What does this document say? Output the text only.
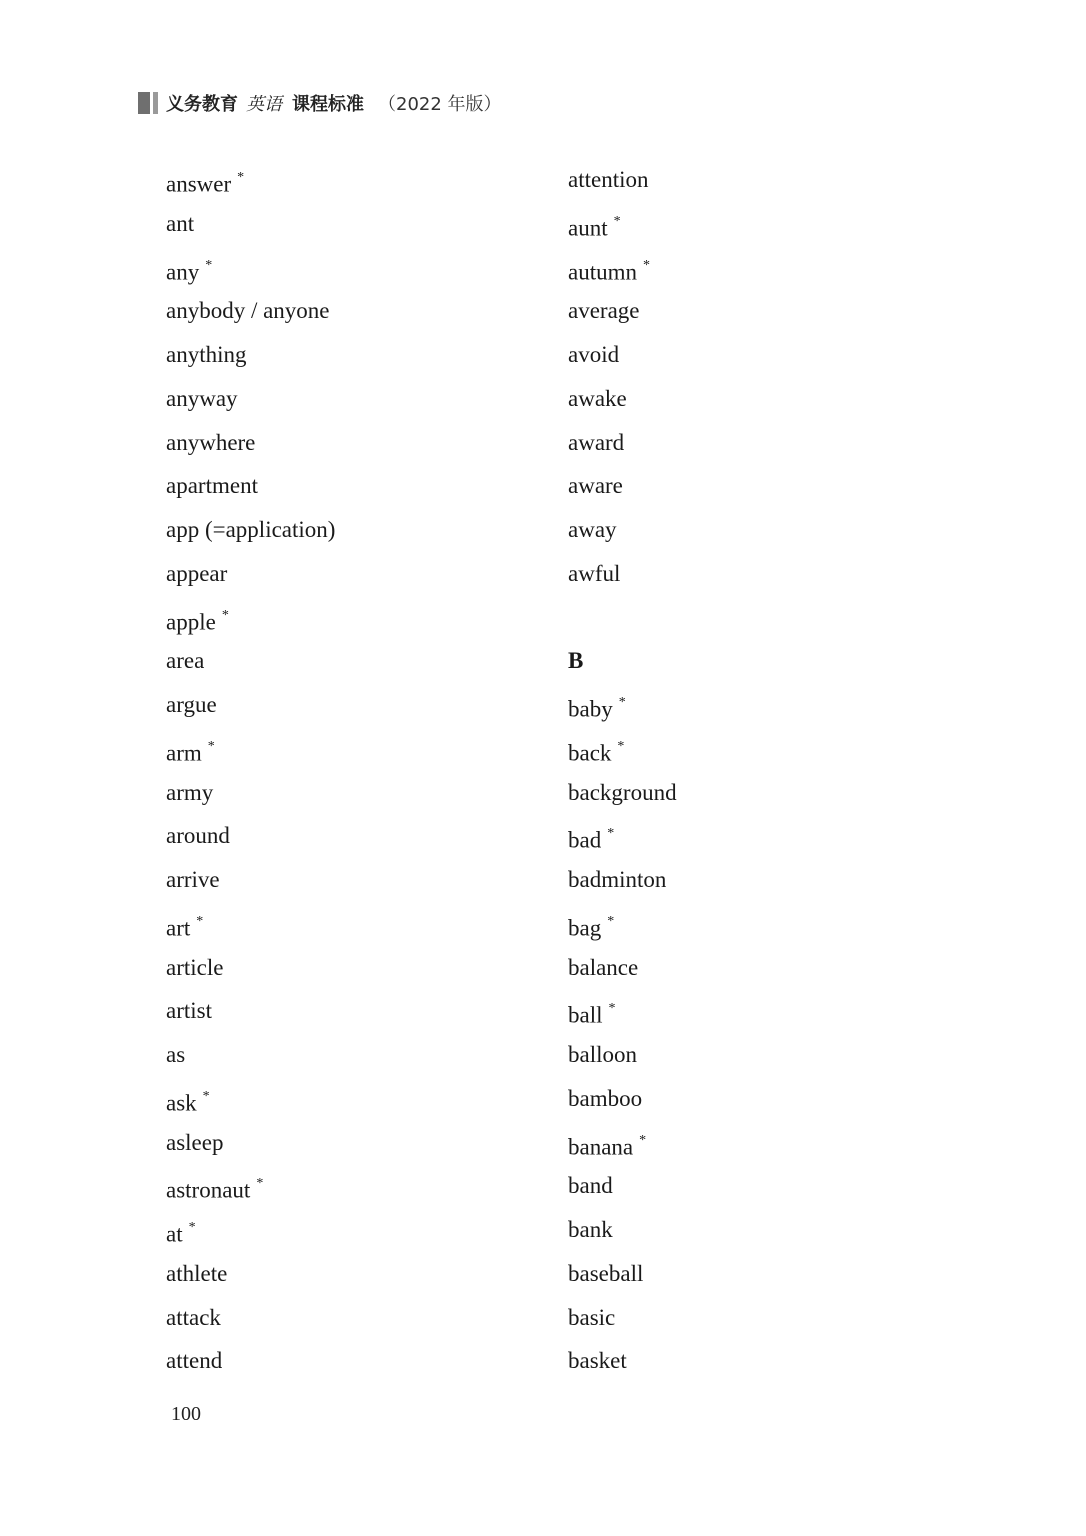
义务教育 英语 课程标准 （2022 年版）
answer *
ant
any *
anybody / anyone
anything
anyway
anywhere
apartment
app (=application)
appear
apple *
area
argue
arm *
army
around
arrive
art *
article
artist
as
ask *
asleep
astronaut *
at *
athlete
attack
attend
attention
aunt *
autumn *
average
avoid
awake
award
aware
away
awful
B
baby *
back *
background
bad *
badminton
bag *
balance
ball *
balloon
bamboo
banana *
band
bank
baseball
basic
basket
100
